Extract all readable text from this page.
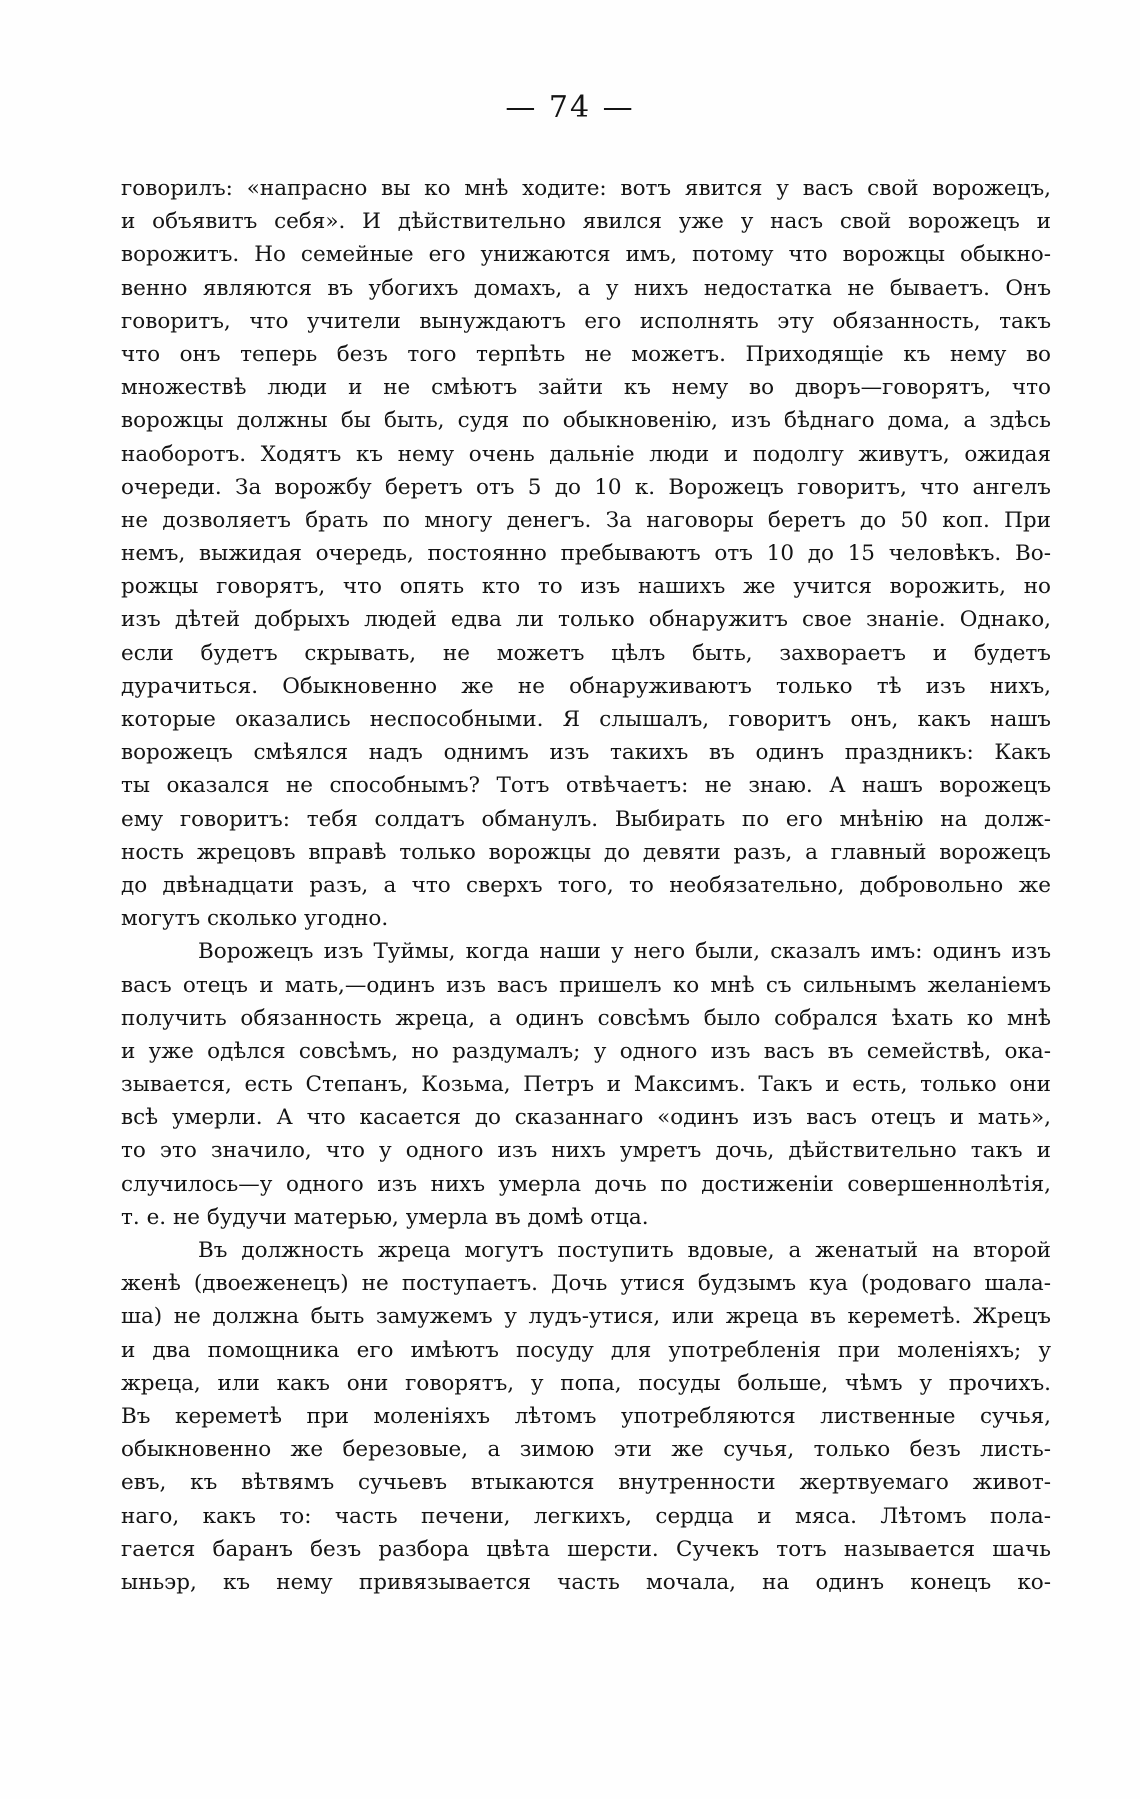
— 74 —
говорилъ: «напрасно вы ко мнѣ ходите: вотъ явится у васъ свой ворожецъ,
и объявитъ себя». И дѣйствительно явился уже у насъ свой ворожецъ и
ворожитъ. Но семейные его унижаются имъ, потому что ворожцы обыкно-
венно являются въ убогихъ домахъ, а у нихъ недостатка не бываетъ. Онъ
говоритъ, что учители вынуждаютъ его исполнять эту обязанность, такъ
что онъ теперь безъ того терпѣть не можетъ. Приходящіе къ нему во
множествѣ люди и не смѣютъ зайти къ нему во дворъ—говорятъ, что
ворожцы должны бы быть, судя по обыкновенію, изъ бѣднаго дома, а здѣсь
наоборотъ. Ходятъ къ нему очень дальніе люди и подолгу живутъ, ожидая
очереди. За ворожбу беретъ отъ 5 до 10 к. Ворожецъ говоритъ, что ангелъ
не дозволяетъ брать по многу денегъ. За наговоры беретъ до 50 коп. При
немъ, выжидая очередь, постоянно пребываютъ отъ 10 до 15 человѣкъ. Во-
рожцы говорятъ, что опять кто то изъ нашихъ же учится ворожить, но
изъ дѣтей добрыхъ людей едва ли только обнаружитъ свое знаніе. Однако,
если будетъ скрывать, не можетъ цѣлъ быть, захвораетъ и будетъ
дурачиться. Обыкновенно же не обнаруживаютъ только тѣ изъ нихъ,
которые оказались неспособными. Я слышалъ, говоритъ онъ, какъ нашъ
ворожецъ смѣялся надъ однимъ изъ такихъ въ одинъ праздникъ: Какъ
ты оказался не способнымъ? Тотъ отвѣчаетъ: не знаю. А нашъ ворожецъ
ему говоритъ: тебя солдатъ обманулъ. Выбирать по его мнѣнію на долж-
ность жрецовъ вправѣ только ворожцы до девяти разъ, а главный ворожецъ
до двѣнадцати разъ, а что сверхъ того, то необязательно, добровольно же
могутъ сколько угодно.
Ворожецъ изъ Туймы, когда наши у него были, сказалъ имъ: одинъ изъ
васъ отецъ и мать,—одинъ изъ васъ пришелъ ко мнѣ съ сильнымъ желаніемъ
получить обязанность жреца, а одинъ совсѣмъ было собрался ѣхать ко мнѣ
и уже одѣлся совсѣмъ, но раздумалъ; у одного изъ васъ въ семействѣ, ока-
зывается, есть Степанъ, Козьма, Петръ и Максимъ. Такъ и есть, только они
всѣ умерли. А что касается до сказаннаго «одинъ изъ васъ отецъ и мать»,
то это значило, что у одного изъ нихъ умретъ дочь, дѣйствительно такъ и
случилось—у одного изъ нихъ умерла дочь по достиженіи совершеннолѣтія,
т. е. не будучи матерью, умерла въ домѣ отца.
Въ должность жреца могутъ поступить вдовые, а женатый на второй
женѣ (двоеженецъ) не поступаетъ. Дочь утися будзымъ куа (родоваго шала-
ша) не должна быть замужемъ у лудъ-утися, или жреца въ кереметѣ. Жрецъ
и два помощника его имѣютъ посуду для употребленія при моленіяхъ; у
жреца, или какъ они говорятъ, у попа, посуды больше, чѣмъ у прочихъ.
Въ кереметѣ при моленіяхъ лѣтомъ употребляются лиственные сучья,
обыкновенно же березовые, а зимою эти же сучья, только безъ листь-
евъ, къ вѣтвямъ сучьевъ втыкаются внутренности жертвуемаго живот-
наго, какъ то: часть печени, легкихъ, сердца и мяса. Лѣтомъ пола-
гается баранъ безъ разбора цвѣта шерсти. Сучекъ тотъ называется шачь
ыньэр, къ нему привязывается часть мочала, на одинъ конецъ ко-
